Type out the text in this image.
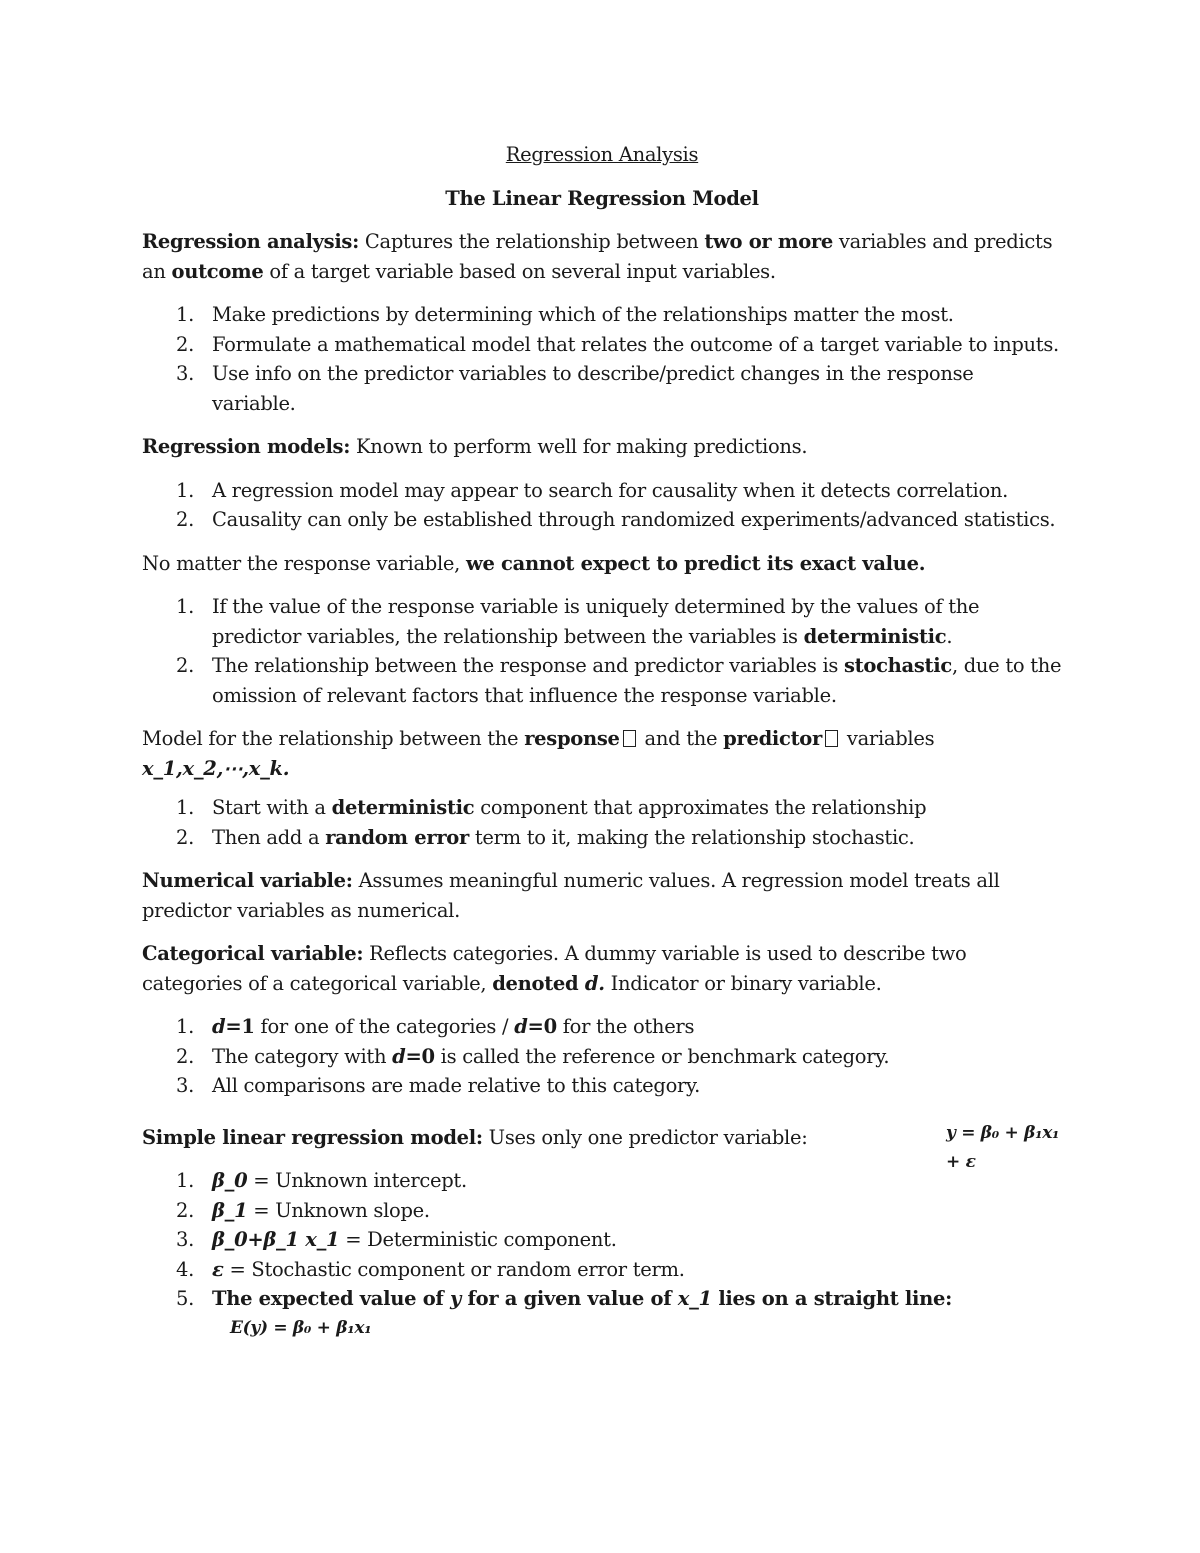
Regression Analysis

The Linear Regression Model

Regression analysis: Captures the relationship between two or more variables and predicts an outcome of a target variable based on several input variables.

1. Make predictions by determining which of the relationships matter the most.
2. Formulate a mathematical model that relates the outcome of a target variable to inputs.
3. Use info on the predictor variables to describe/predict changes in the response variable.

Regression models: Known to perform well for making predictions.

1. A regression model may appear to search for causality when it detects correlation.
2. Causality can only be established through randomized experiments/advanced statistics.

No matter the response variable, we cannot expect to predict its exact value.

1. If the value of the response variable is uniquely determined by the values of the predictor variables, the relationship between the variables is deterministic.
2. The relationship between the response and predictor variables is stochastic, due to the omission of relevant factors that influence the response variable.

Model for the relationship between the response and the predictor variables
x_1,x_2,⋯,x_k.

1. Start with a deterministic component that approximates the relationship
2. Then add a random error term to it, making the relationship stochastic.

Numerical variable: Assumes meaningful numeric values. A regression model treats all predictor variables as numerical.

Categorical variable: Reflects categories. A dummy variable is used to describe two categories of a categorical variable, denoted d. Indicator or binary variable.

1. d=1 for one of the categories / d=0 for the others
2. The category with d=0 is called the reference or benchmark category.
3. All comparisons are made relative to this category.

Simple linear regression model: Uses only one predictor variable:	y = β₀ + β₁x₁ + ε

1. β_0 = Unknown intercept.
2. β_1 = Unknown slope.
3. β_0+β_1 x_1 = Deterministic component.
4. ε = Stochastic component or random error term.
5. The expected value of y for a given value of x_1 lies on a straight line:
E(y) = β₀ + β₁x₁
